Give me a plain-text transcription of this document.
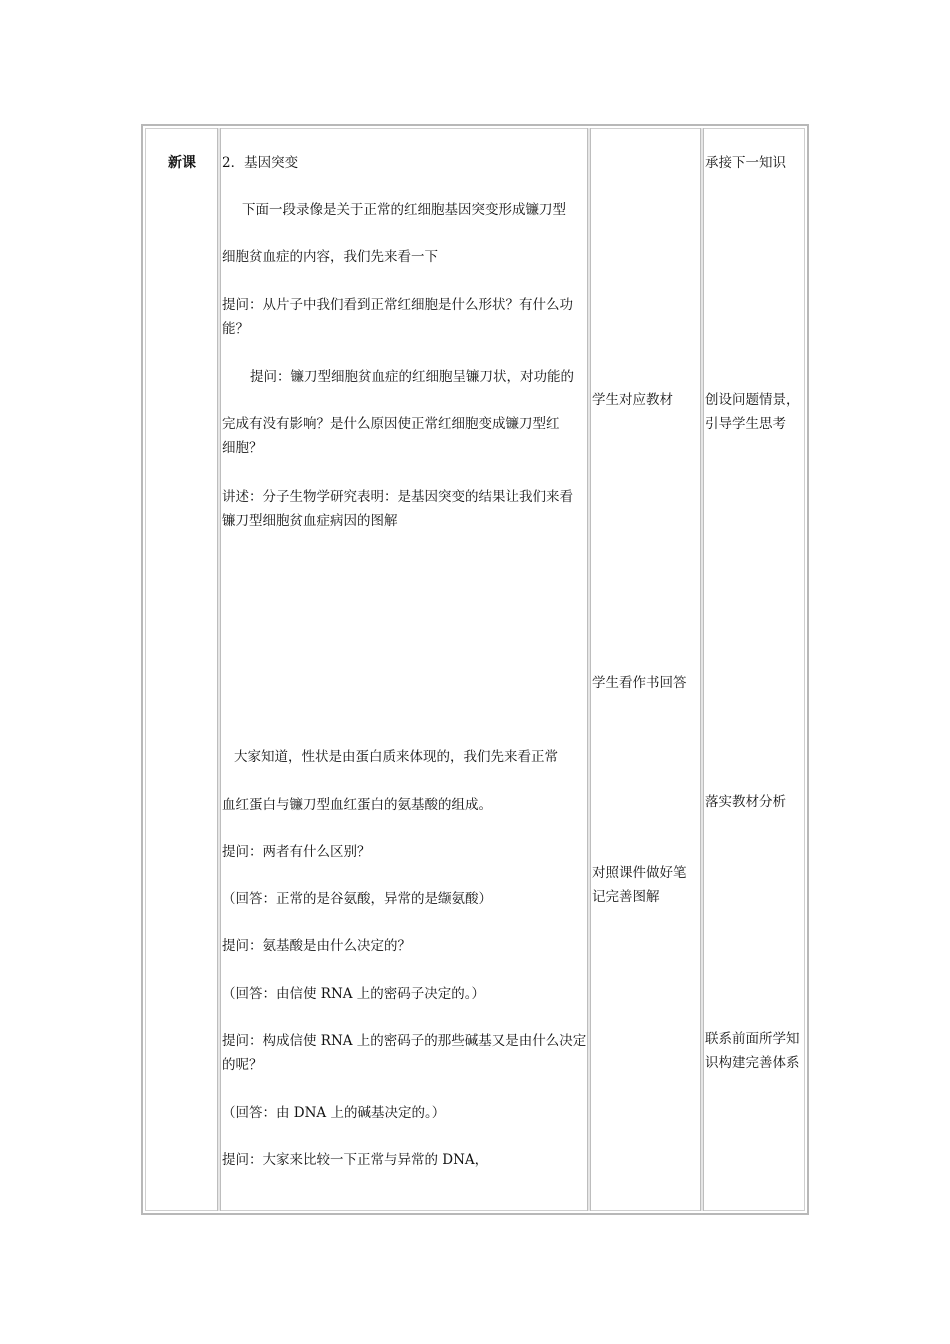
新课 2．基因突变
下面一段录像是关于正常的红细胞基因突变形成镰刀型
细胞贫血症的内容，我们先来看一下
提问：从片子中我们看到正常红细胞是什么形状？有什么功
能？
提问：镰刀型细胞贫血症的红细胞呈镰刀状，对功能的
完成有没有影响？是什么原因使正常红细胞变成镰刀型红
细胞？
讲述：分子生物学研究表明：是基因突变的结果让我们来看
镰刀型细胞贫血症病因的图解
大家知道，性状是由蛋白质来体现的，我们先来看正常
血红蛋白与镰刀型血红蛋白的氨基酸的组成。
提问：两者有什么区别？
（回答：正常的是谷氨酸，异常的是缬氨酸）
提问：氨基酸是由什么决定的？
（回答：由信使 RNA 上的密码子决定的。）
提问：构成信使 RNA 上的密码子的那些碱基又是由什么决定
的呢？
（回答：由 DNA 上的碱基决定的。）
提问：大家来比较一下正常与异常的 DNA，
学生对应教材
学生看作书回答
对照课件做好笔
记完善图解
承接下一知识
创设问题情景，
引导学生思考
落实教材分析
联系前面所学知
识构建完善体系
